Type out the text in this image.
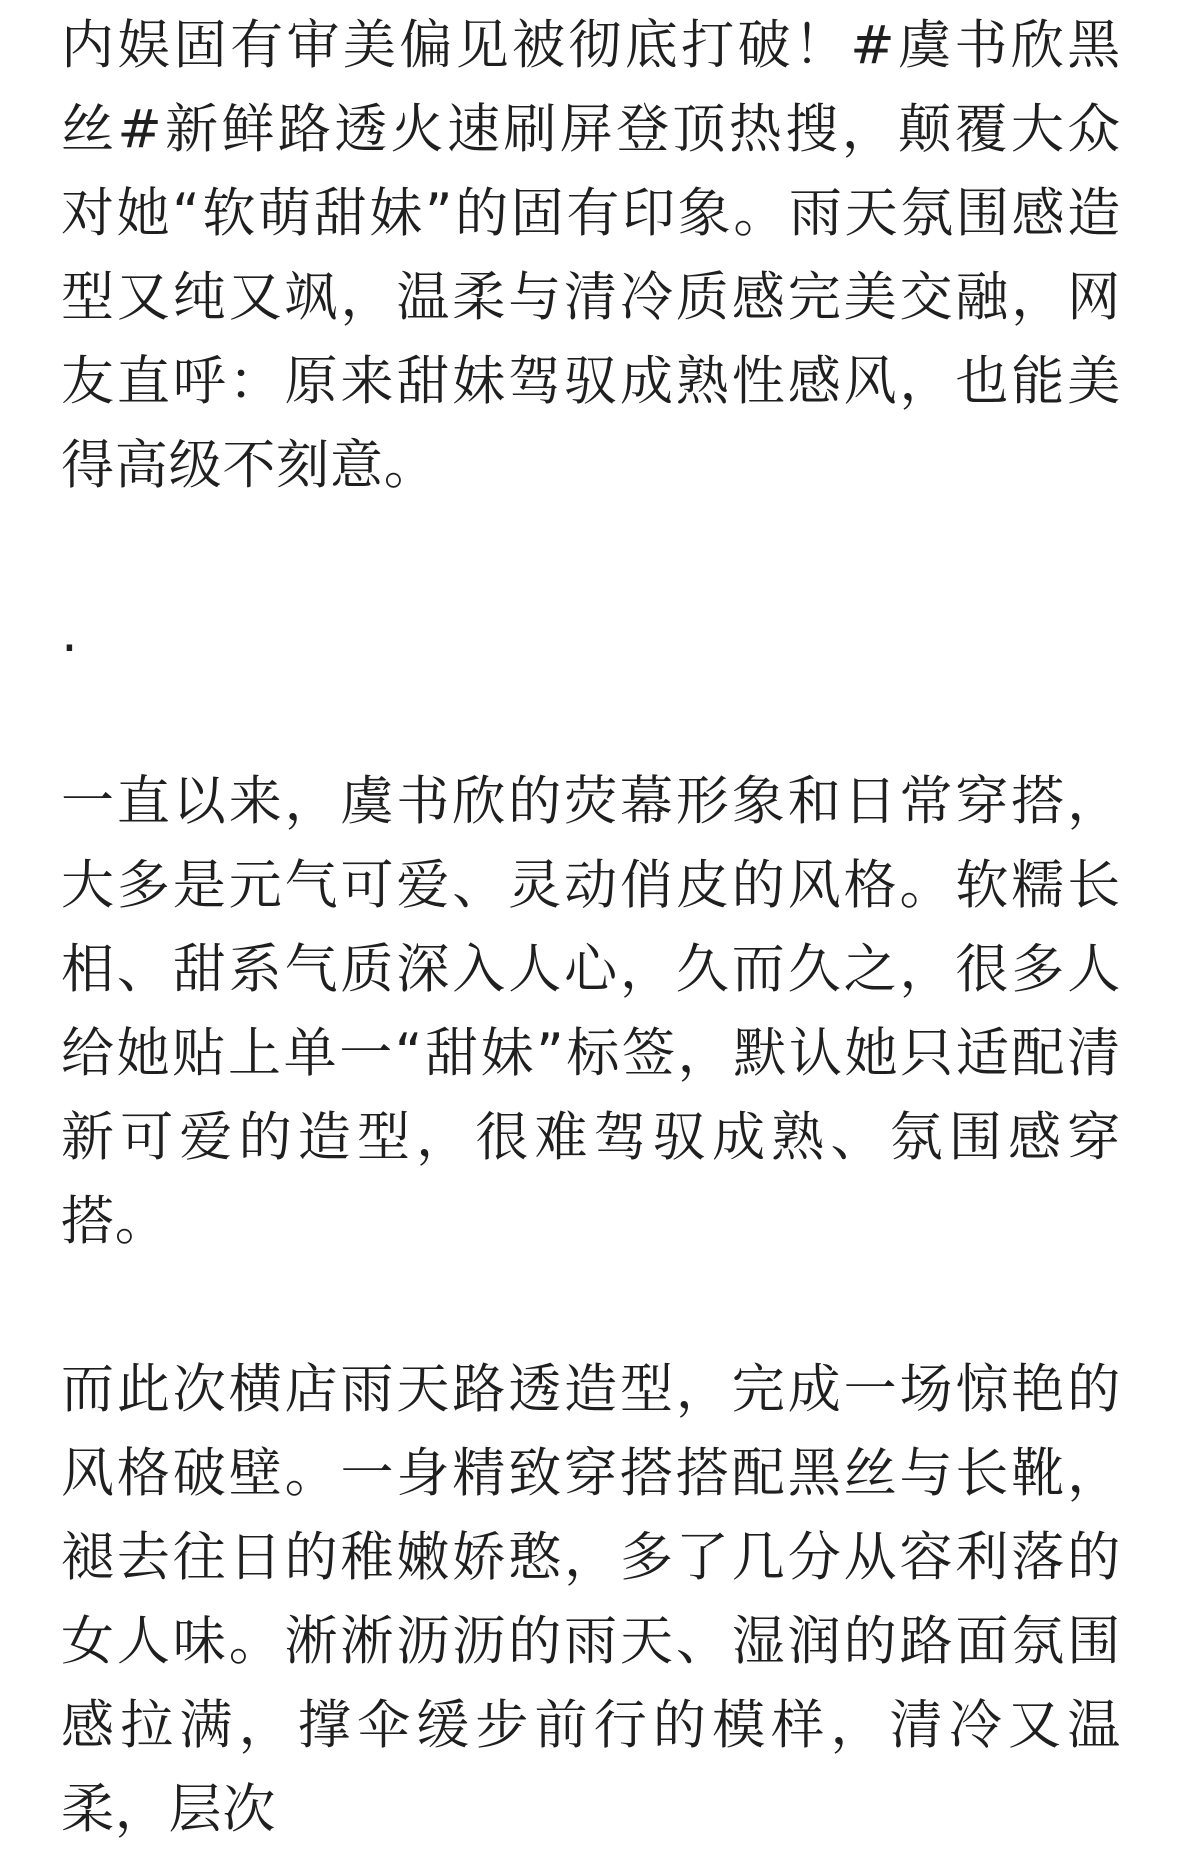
内娱固有审美偏见被彻底打破！#虞书欣黑丝#新鲜路透火速刷屏登顶热搜，颠覆大众对她“软萌甜妹”的固有印象。雨天氛围感造型又纯又飒，温柔与清冷质感完美交融，网友直呼：原来甜妹驾驭成熟性感风，也能美得高级不刻意。

.

一直以来，虞书欣的荧幕形象和日常穿搭，大多是元气可爱、灵动俏皮的风格。软糯长相、甜系气质深入人心，久而久之，很多人给她贴上单一“甜妹”标签，默认她只适配清新可爱的造型，很难驾驭成熟、氛围感穿搭。

而此次横店雨天路透造型，完成一场惊艳的风格破壁。一身精致穿搭搭配黑丝与长靴，褪去往日的稚嫩娇憨，多了几分从容利落的女人味。淅淅沥沥的雨天、湿润的路面氛围感拉满，撑伞缓步前行的模样，清冷又温柔，层次
